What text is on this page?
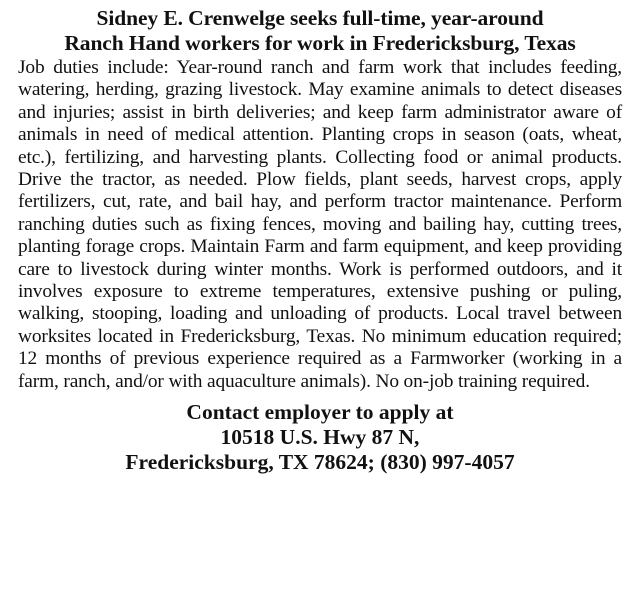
Sidney E. Crenwelge seeks full-time, year-around
Ranch Hand workers for work in Fredericksburg, Texas

Job duties include: Year-round ranch and farm work that includes feeding, watering, herding, grazing livestock. May examine animals to detect diseases and injuries; assist in birth deliveries; and keep farm administrator aware of animals in need of medical attention. Planting crops in season (oats, wheat, etc.), fertilizing, and harvesting plants. Collecting food or animal products. Drive the tractor, as needed. Plow fields, plant seeds, harvest crops, apply fertilizers, cut, rate, and bail hay, and perform tractor maintenance. Perform ranching duties such as fixing fences, moving and bailing hay, cutting trees, planting forage crops. Maintain Farm and farm equipment, and keep providing care to livestock during winter months. Work is performed outdoors, and it involves exposure to extreme temperatures, extensive pushing or puling, walking, stooping, loading and unloading of products. Local travel between worksites located in Fredericksburg, Texas. No minimum education required; 12 months of previous experience required as a Farmworker (working in a farm, ranch, and/or with aquaculture animals). No on-job training required.

Contact employer to apply at
10518 U.S. Hwy 87 N,
Fredericksburg, TX 78624; (830) 997-4057
